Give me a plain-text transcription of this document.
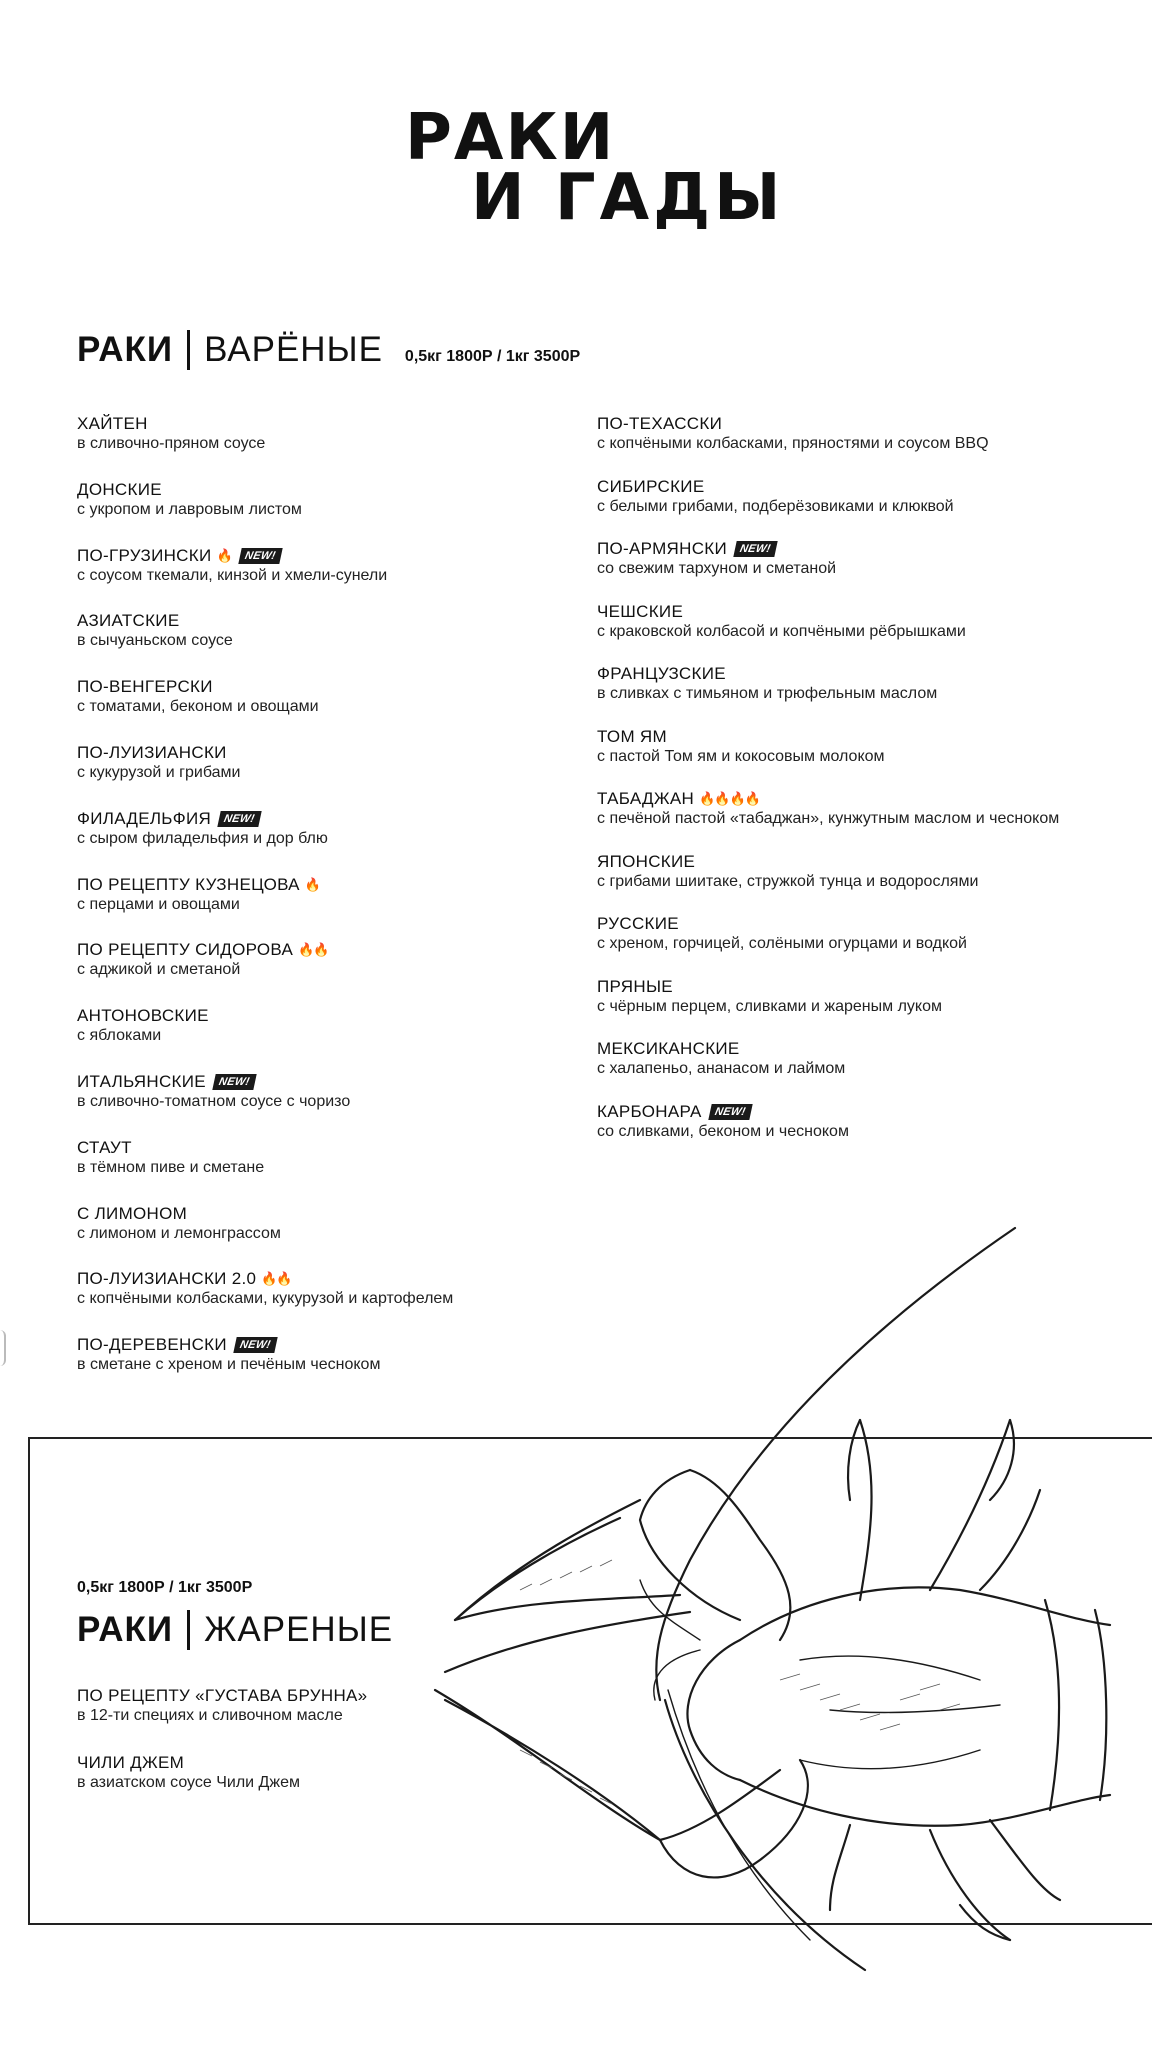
РАКИ
И ГАДЫ
РАКИ ВАРЁНЫЕ 0,5кг 1800Р / 1кг 3500Р
ХАЙТЕН
в сливочно-пряном соусе
ДОНСКИЕ
с укропом и лавровым листом
ПО-ГРУЗИНСКИ 🔥	NEW!
с соусом ткемали, кинзой и хмели-сунели
АЗИАТСКИЕ
в сычуаньском соусе
ПО-ВЕНГЕРСКИ
с томатами, беконом и овощами
ПО-ЛУИЗИАНСКИ
с кукурузой и грибами
ФИЛАДЕЛЬФИЯ	NEW!
с сыром филадельфия и дор блю
ПО РЕЦЕПТУ КУЗНЕЦОВА 🔥
с перцами и овощами
ПО РЕЦЕПТУ СИДОРОВА 🔥🔥
с аджикой и сметаной
АНТОНОВСКИЕ
с яблоками
ИТАЛЬЯНСКИЕ	NEW!
в сливочно-томатном соусе с чоризо
СТАУТ
в тёмном пиве и сметане
С ЛИМОНОМ
с лимоном и лемонграссом
ПО-ЛУИЗИАНСКИ 2.0 🔥🔥
с копчёными колбасками, кукурузой и картофелем
ПО-ДЕРЕВЕНСКИ	NEW!
в сметане с хреном и печёным чесноком
ПО-ТЕХАССКИ
с копчёными колбасками, пряностями и соусом BBQ
СИБИРСКИЕ
с белыми грибами, подберёзовиками и клюквой
ПО-АРМЯНСКИ	NEW!
со свежим тархуном и сметаной
ЧЕШСКИЕ
с краковской колбасой и копчёными рёбрышками
ФРАНЦУЗСКИЕ
в сливках с тимьяном и трюфельным маслом
ТОМ ЯМ
с пастой Том ям и кокосовым молоком
ТАБАДЖАН 🔥🔥🔥🔥
с печёной пастой «табаджан», кунжутным маслом и чесноком
ЯПОНСКИЕ
с грибами шиитаке, стружкой тунца и водорослями
РУССКИЕ
с хреном, горчицей, солёными огурцами и водкой
ПРЯНЫЕ
с чёрным перцем, сливками и жареным луком
МЕКСИКАНСКИЕ
с халапеньо, ананасом и лаймом
КАРБОНАРА	NEW!
со сливками, беконом и чесноком
0,5кг 1800Р / 1кг 3500Р
РАКИ ЖАРЕНЫЕ
ПО РЕЦЕПТУ «ГУСТАВА БРУННА»
в 12-ти специях и сливочном масле
ЧИЛИ ДЖЕМ
в азиатском соусе Чили Джем
